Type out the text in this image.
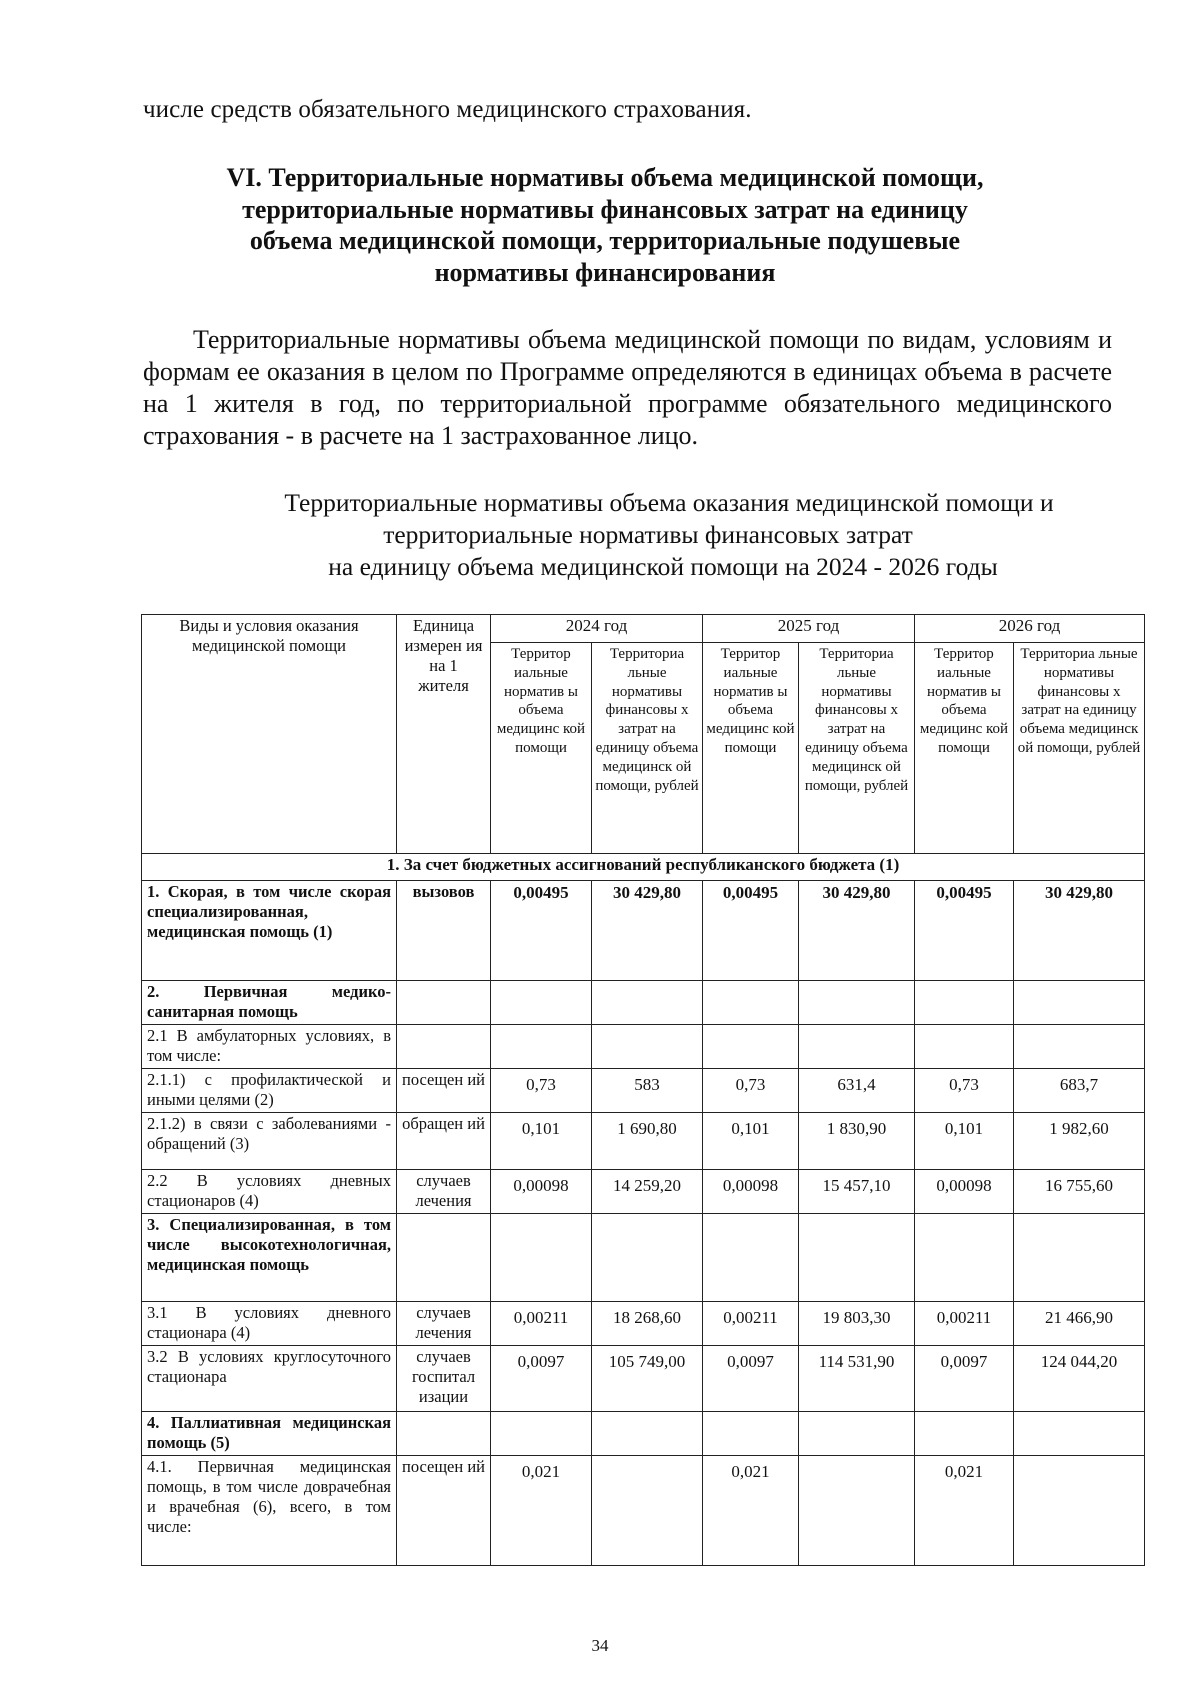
числе средств обязательного медицинского страхования.
VI. Территориальные нормативы объема медицинской помощи,
территориальные нормативы финансовых затрат на единицу
объема медицинской помощи, территориальные подушевые
нормативы финансирования
Территориальные нормативы объема медицинской помощи по видам, условиям и формам ее оказания в целом по Программе определяются в единицах объема в расчете на 1 жителя в год, по территориальной программе обязательного медицинского страхования - в расчете на 1 застрахованное лицо.
Территориальные нормативы объема оказания медицинской помощи и
территориальные нормативы финансовых затрат
на единицу объема медицинской помощи на 2024 - 2026 годы
Виды и условия оказания медицинской помощи	Единица измерен ия на 1 жителя	2024 год		2025 год		2026 год	
		Территор иальные норматив ы объема медицинс кой помощи	Территориа льные нормативы финансовы х затрат на единицу объема медицинск ой помощи, рублей	Территор иальные норматив ы объема медицинс кой помощи	Территориа льные нормативы финансовы х затрат на единицу объема медицинск ой помощи, рублей	Территор иальные норматив ы объема медицинс кой помощи	Территориа льные нормативы финансовы х затрат на единицу объема медицинск ой помощи, рублей
1. За счет бюджетных ассигнований республиканского бюджета (1)							
1. Скорая, в том числе скорая специализированная, медицинская помощь (1)	вызовов	0,00495	30 429,80	0,00495	30 429,80	0,00495	30 429,80
2. Первичная медико-санитарная помощь							
2.1 В амбулаторных условиях, в том числе:							
2.1.1) с профилактической и иными целями (2)	посещен ий	0,73	583	0,73	631,4	0,73	683,7
2.1.2) в связи с заболеваниями - обращений (3)	обращен ий	0,101	1 690,80	0,101	1 830,90	0,101	1 982,60
2.2 В условиях дневных стационаров (4)	случаев лечения	0,00098	14 259,20	0,00098	15 457,10	0,00098	16 755,60
3. Специализированная, в том числе высокотехнологичная, медицинская помощь							
3.1 В условиях дневного стационара (4)	случаев лечения	0,00211	18 268,60	0,00211	19 803,30	0,00211	21 466,90
3.2 В условиях круглосуточного стационара	случаев госпитал изации	0,0097	105 749,00	0,0097	114 531,90	0,0097	124 044,20
4. Паллиативная медицинская помощь (5)							
4.1. Первичная медицинская помощь, в том числе доврачебная и врачебная (6), всего, в том числе:	посещен ий	0,021		0,021		0,021	
34
